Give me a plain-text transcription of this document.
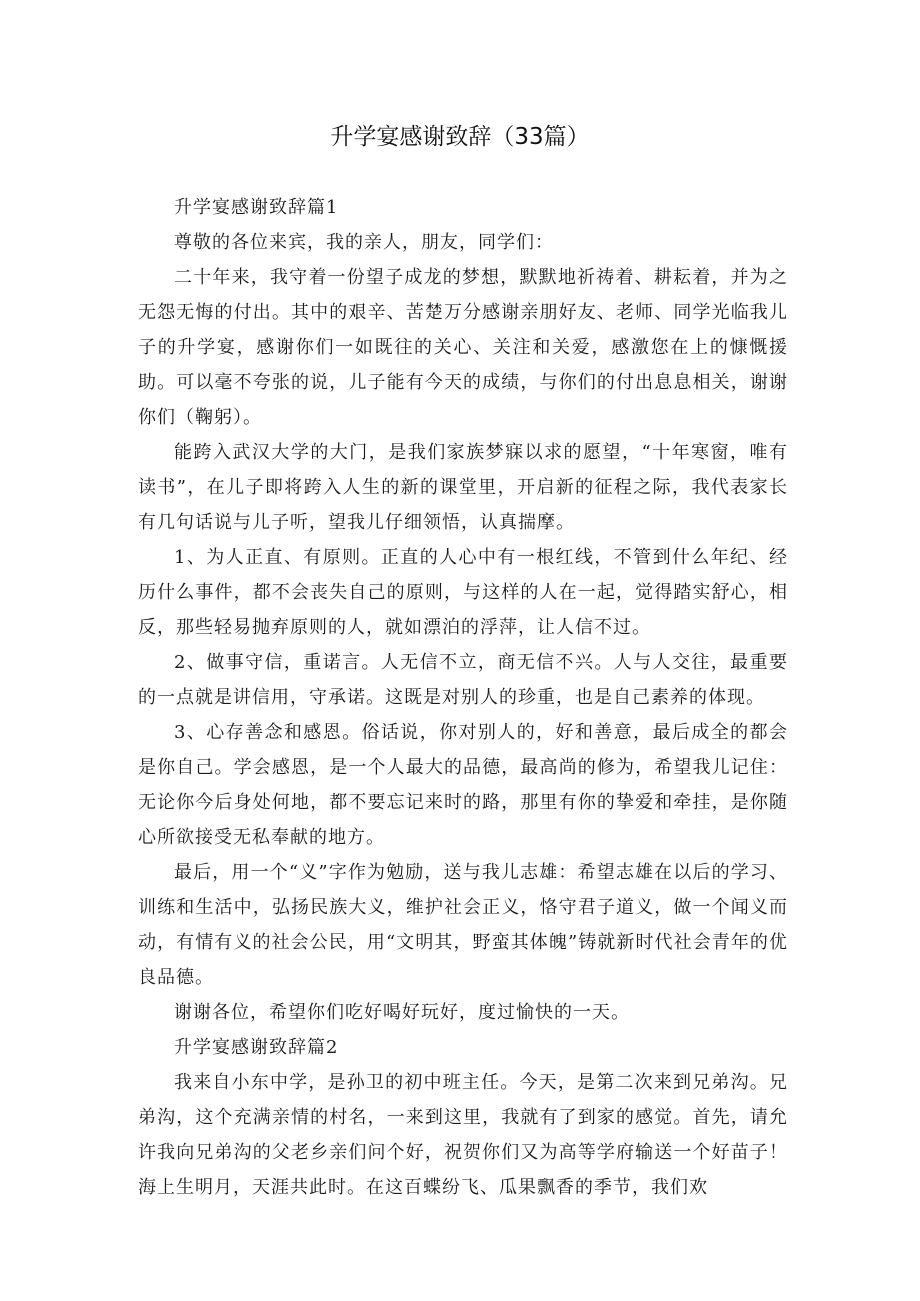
升学宴感谢致辞（33篇）

升学宴感谢致辞篇1

尊敬的各位来宾，我的亲人，朋友，同学们：

二十年来，我守着一份望子成龙的梦想，默默地祈祷着、耕耘着，并为之无怨无悔的付出。其中的艰辛、苦楚万分感谢亲朋好友、老师、同学光临我儿子的升学宴，感谢你们一如既往的关心、关注和关爱，感激您在上的慷慨援助。可以毫不夸张的说，儿子能有今天的成绩，与你们的付出息息相关，谢谢你们（鞠躬）。

能跨入武汉大学的大门，是我们家族梦寐以求的愿望，“十年寒窗，唯有读书”，在儿子即将跨入人生的新的课堂里，开启新的征程之际，我代表家长有几句话说与儿子听，望我儿仔细领悟，认真揣摩。

1、为人正直、有原则。正直的人心中有一根红线，不管到什么年纪、经历什么事件，都不会丧失自己的原则，与这样的人在一起，觉得踏实舒心，相反，那些轻易抛弃原则的人，就如漂泊的浮萍，让人信不过。

2、做事守信，重诺言。人无信不立，商无信不兴。人与人交往，最重要的一点就是讲信用，守承诺。这既是对别人的珍重，也是自己素养的体现。

3、心存善念和感恩。俗话说，你对别人的，好和善意，最后成全的都会是你自己。学会感恩，是一个人最大的品德，最高尚的修为，希望我儿记住：无论你今后身处何地，都不要忘记来时的路，那里有你的挚爱和牵挂，是你随心所欲接受无私奉献的地方。

最后，用一个“义”字作为勉励，送与我儿志雄：希望志雄在以后的学习、训练和生活中，弘扬民族大义，维护社会正义，恪守君子道义，做一个闻义而动，有情有义的社会公民，用“文明其，野蛮其体魄”铸就新时代社会青年的优良品德。

谢谢各位，希望你们吃好喝好玩好，度过愉快的一天。

升学宴感谢致辞篇2

我来自小东中学，是孙卫的初中班主任。今天，是第二次来到兄弟沟。兄弟沟，这个充满亲情的村名，一来到这里，我就有了到家的感觉。首先，请允许我向兄弟沟的父老乡亲们问个好，祝贺你们又为高等学府输送一个好苗子！海上生明月，天涯共此时。在这百蝶纷飞、瓜果飘香的季节，我们欢
